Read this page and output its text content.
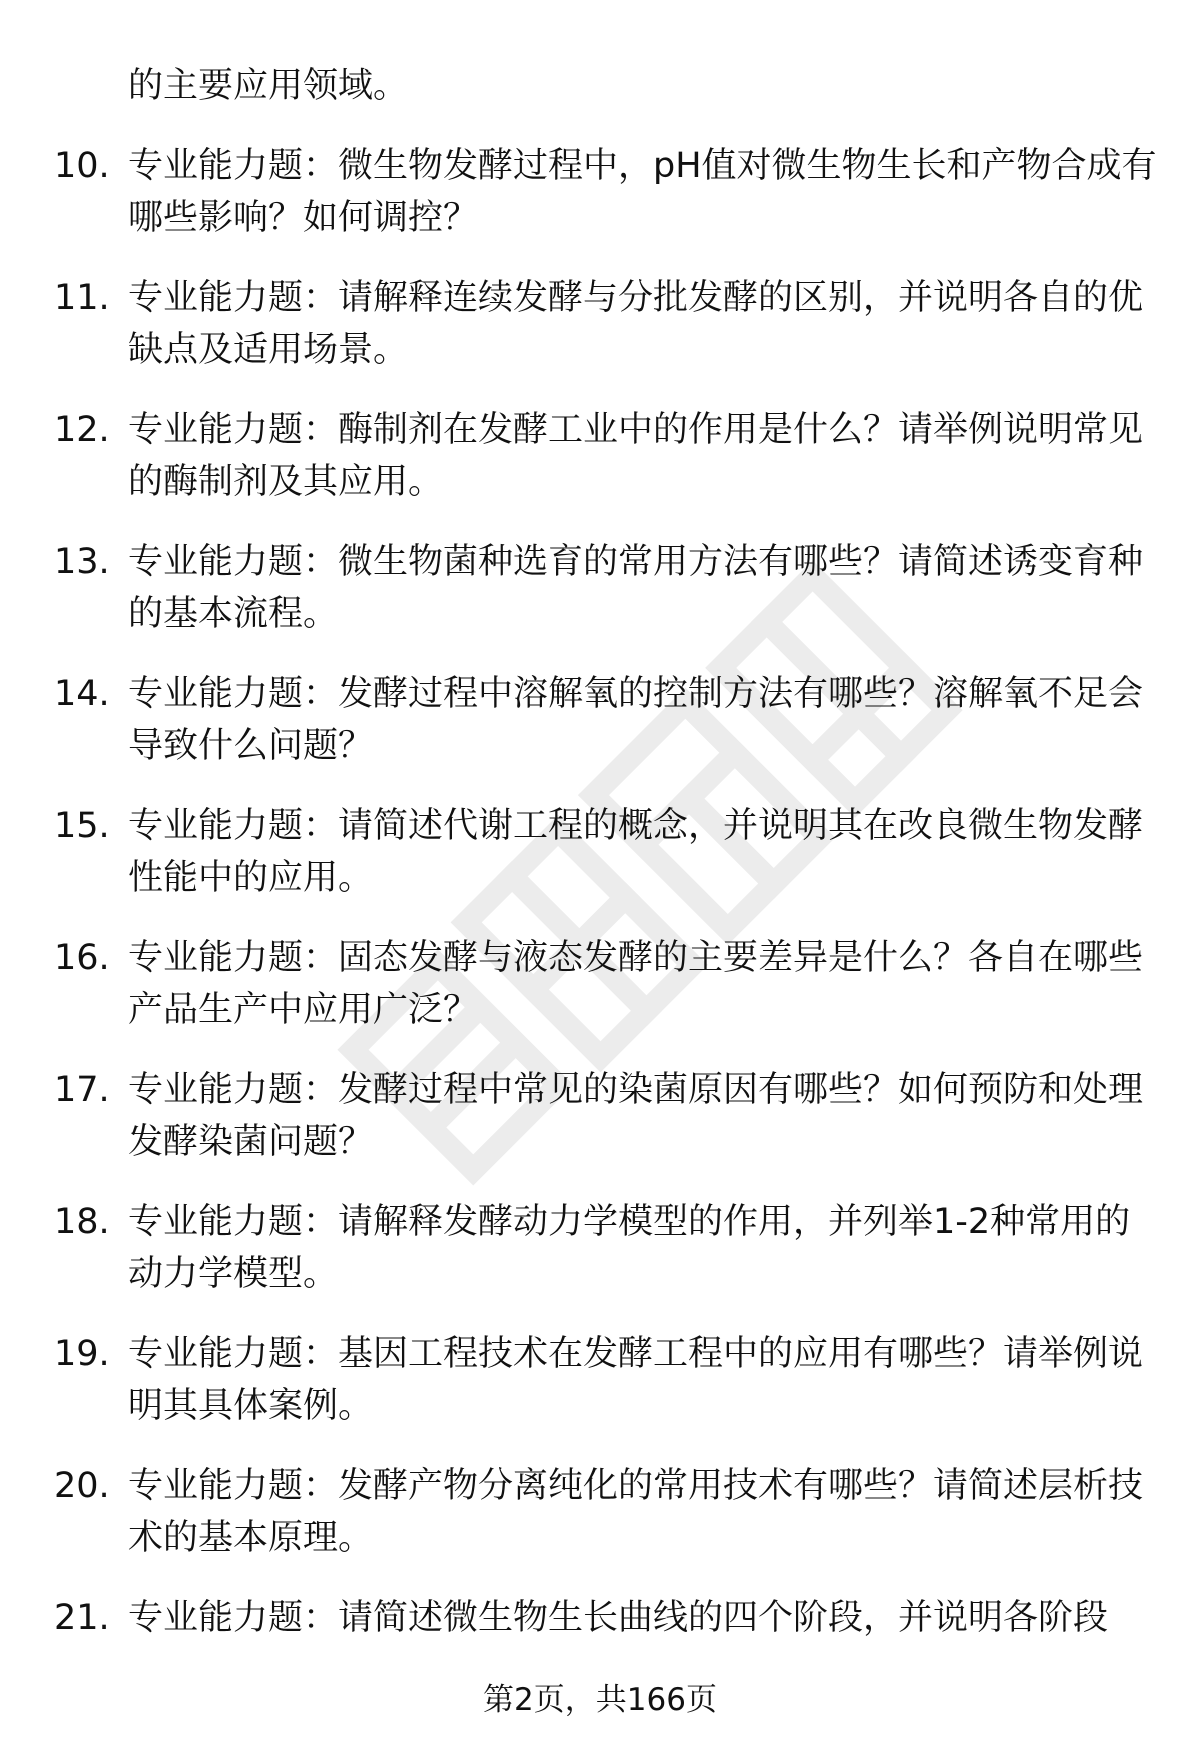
的主要应用领域。
10. 专业能力题：微生物发酵过程中，pH值对微生物生长和产物合成有哪些影响？如何调控？
11. 专业能力题：请解释连续发酵与分批发酵的区别，并说明各自的优缺点及适用场景。
12. 专业能力题：酶制剂在发酵工业中的作用是什么？请举例说明常见的酶制剂及其应用。
13. 专业能力题：微生物菌种选育的常用方法有哪些？请简述诱变育种的基本流程。
14. 专业能力题：发酵过程中溶解氧的控制方法有哪些？溶解氧不足会导致什么问题？
15. 专业能力题：请简述代谢工程的概念，并说明其在改良微生物发酵性能中的应用。
16. 专业能力题：固态发酵与液态发酵的主要差异是什么？各自在哪些产品生产中应用广泛？
17. 专业能力题：发酵过程中常见的染菌原因有哪些？如何预防和处理发酵染菌问题？
18. 专业能力题：请解释发酵动力学模型的作用，并列举1-2种常用的动力学模型。
19. 专业能力题：基因工程技术在发酵工程中的应用有哪些？请举例说明其具体案例。
20. 专业能力题：发酵产物分离纯化的常用技术有哪些？请简述层析技术的基本原理。
21. 专业能力题：请简述微生物生长曲线的四个阶段，并说明各阶段
第2页，共166页
